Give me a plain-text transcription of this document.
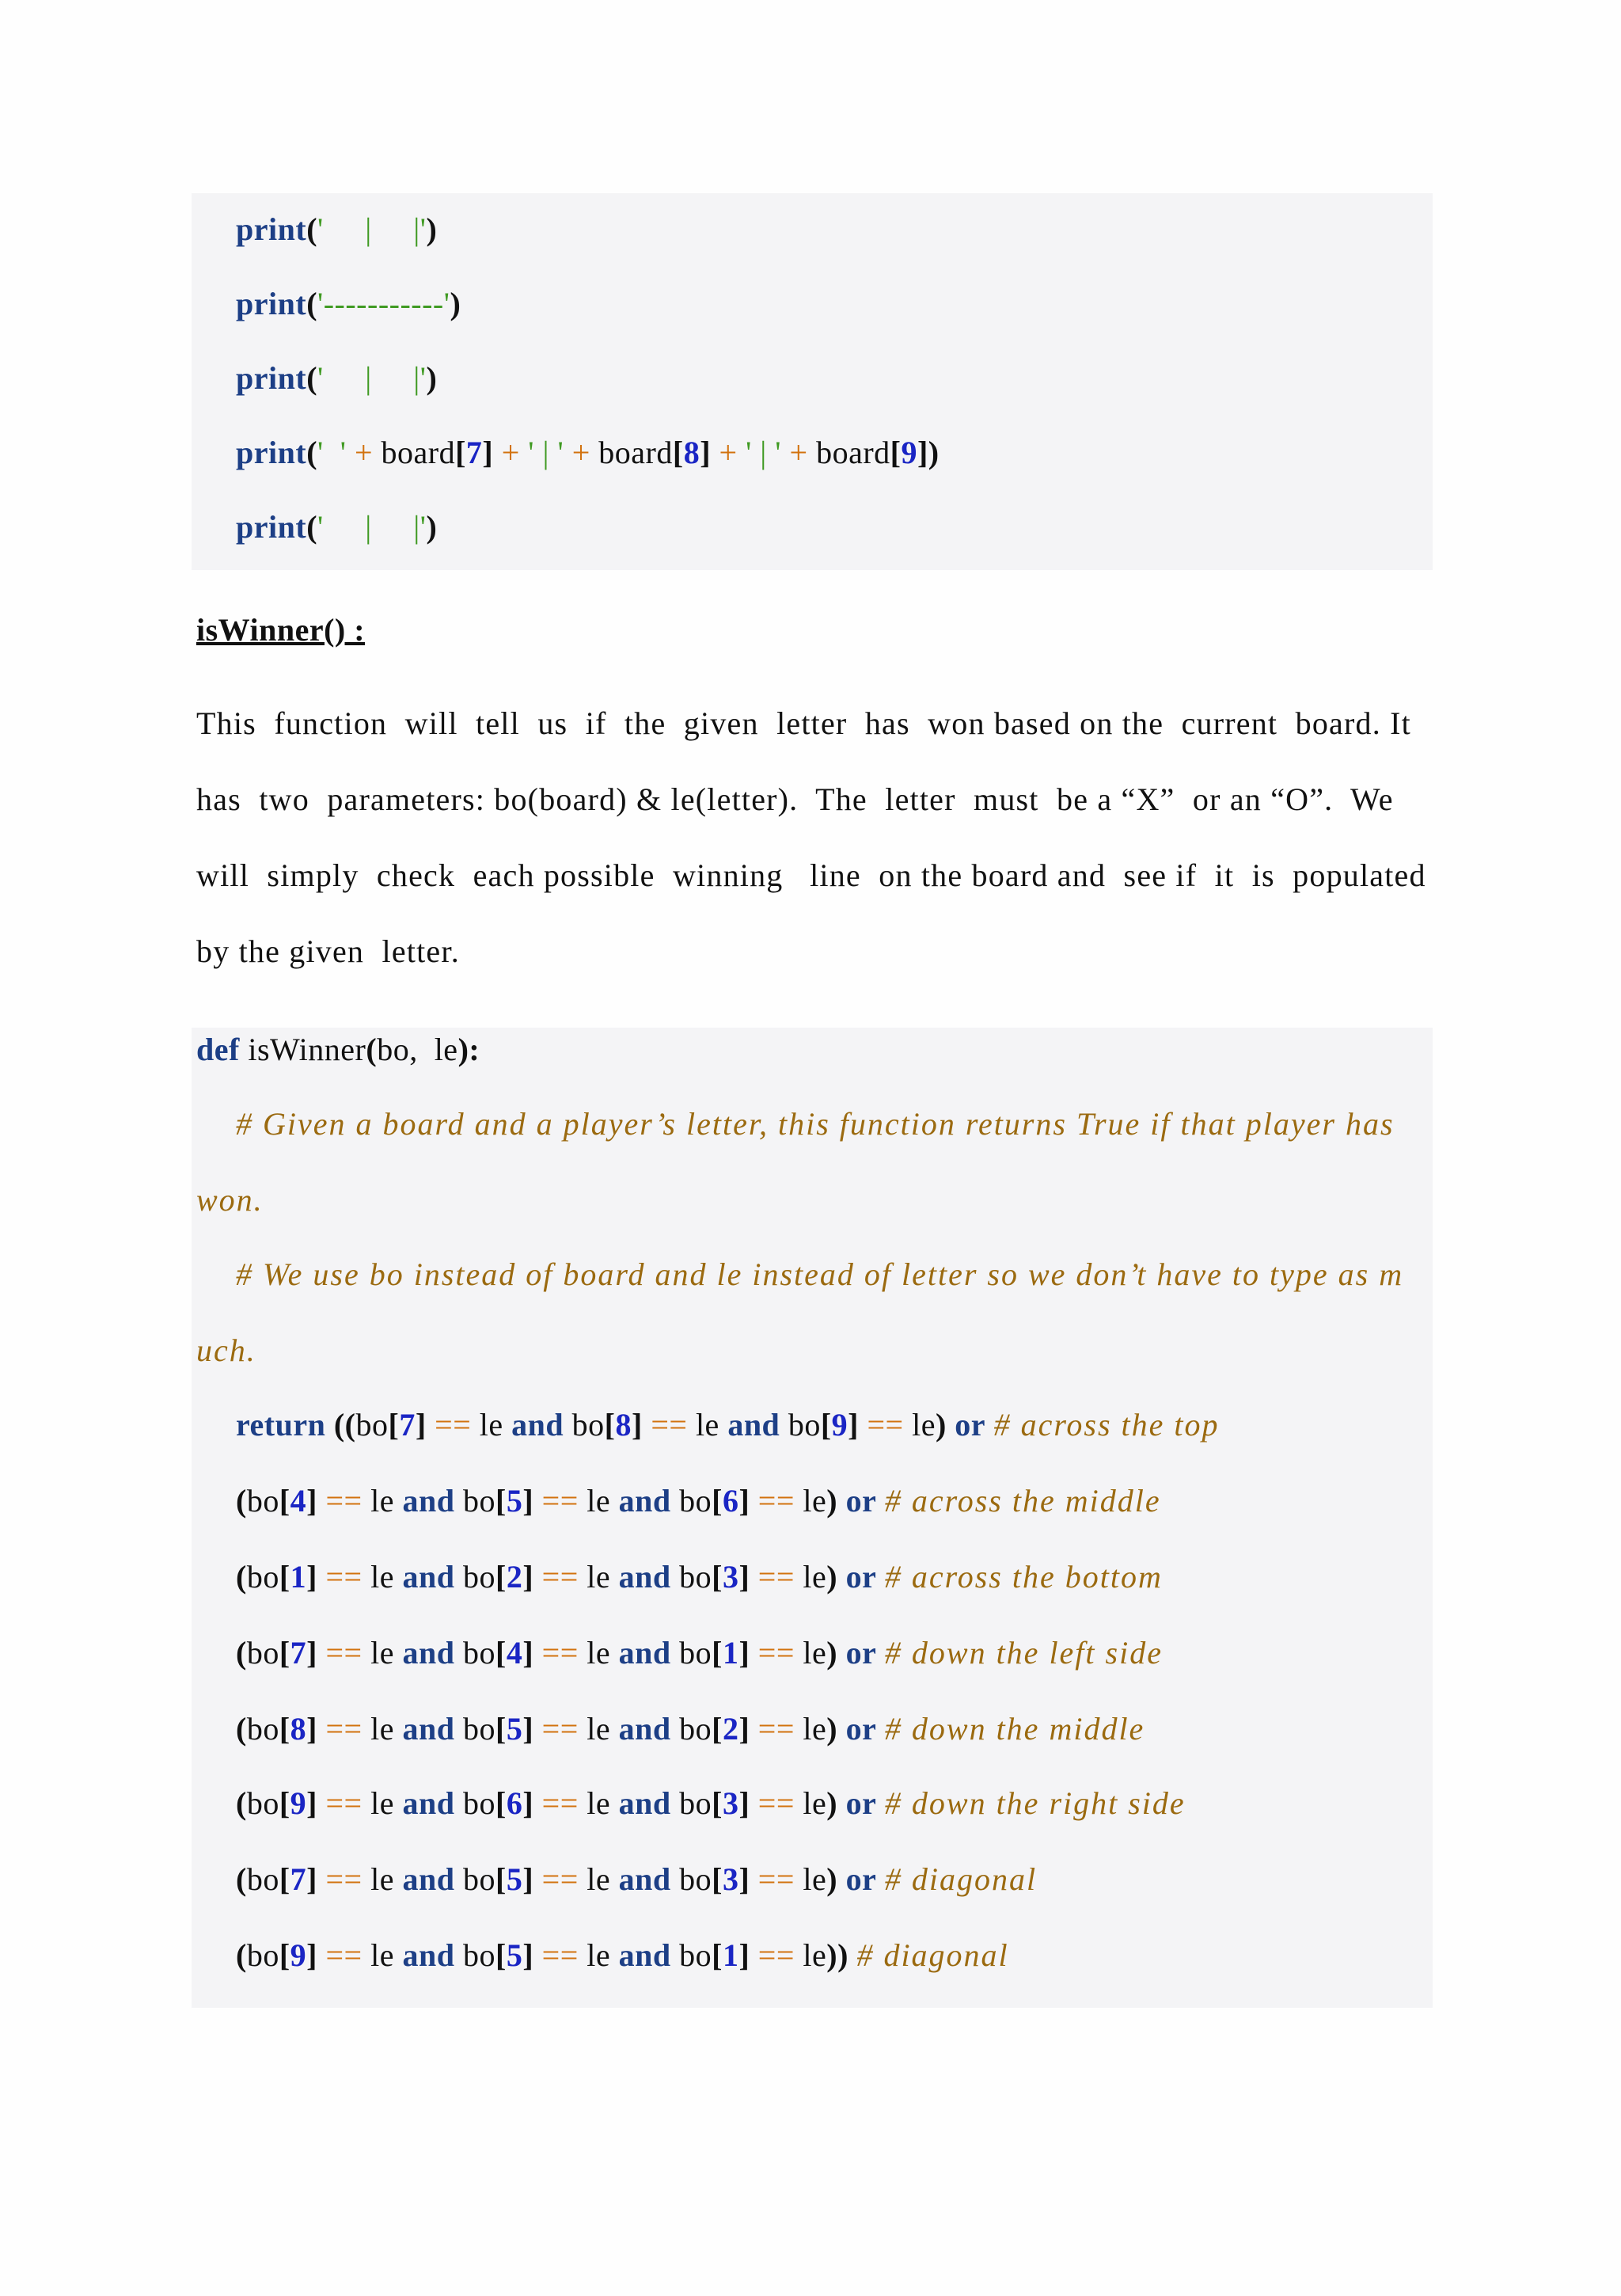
print('     |     |')
print('-----------')
print('     |     |')
print('  ' + board[7] + ' | ' + board[8] + ' | ' + board[9])
print('     |     |')
isWinner() :
This  function  will  tell  us  if  the  given  letter  has  won based on the  current  board. It
has  two  parameters: bo(board) & le(letter).  The  letter  must  be a “X”  or an “O”.  We
will  simply  check  each possible  winning   line  on the board and  see if  it  is  populated
by the given  letter.
def isWinner(bo,  le):
# Given a board and a player’s letter, this function returns True if that player has
won.
# We use bo instead of board and le instead of letter so we don’t have to type as m
uch.
return ((bo[7] == le and bo[8] == le and bo[9] == le) or # across the top
(bo[4] == le and bo[5] == le and bo[6] == le) or # across the middle
(bo[1] == le and bo[2] == le and bo[3] == le) or # across the bottom
(bo[7] == le and bo[4] == le and bo[1] == le) or # down the left side
(bo[8] == le and bo[5] == le and bo[2] == le) or # down the middle
(bo[9] == le and bo[6] == le and bo[3] == le) or # down the right side
(bo[7] == le and bo[5] == le and bo[3] == le) or # diagonal
(bo[9] == le and bo[5] == le and bo[1] == le)) # diagonal
